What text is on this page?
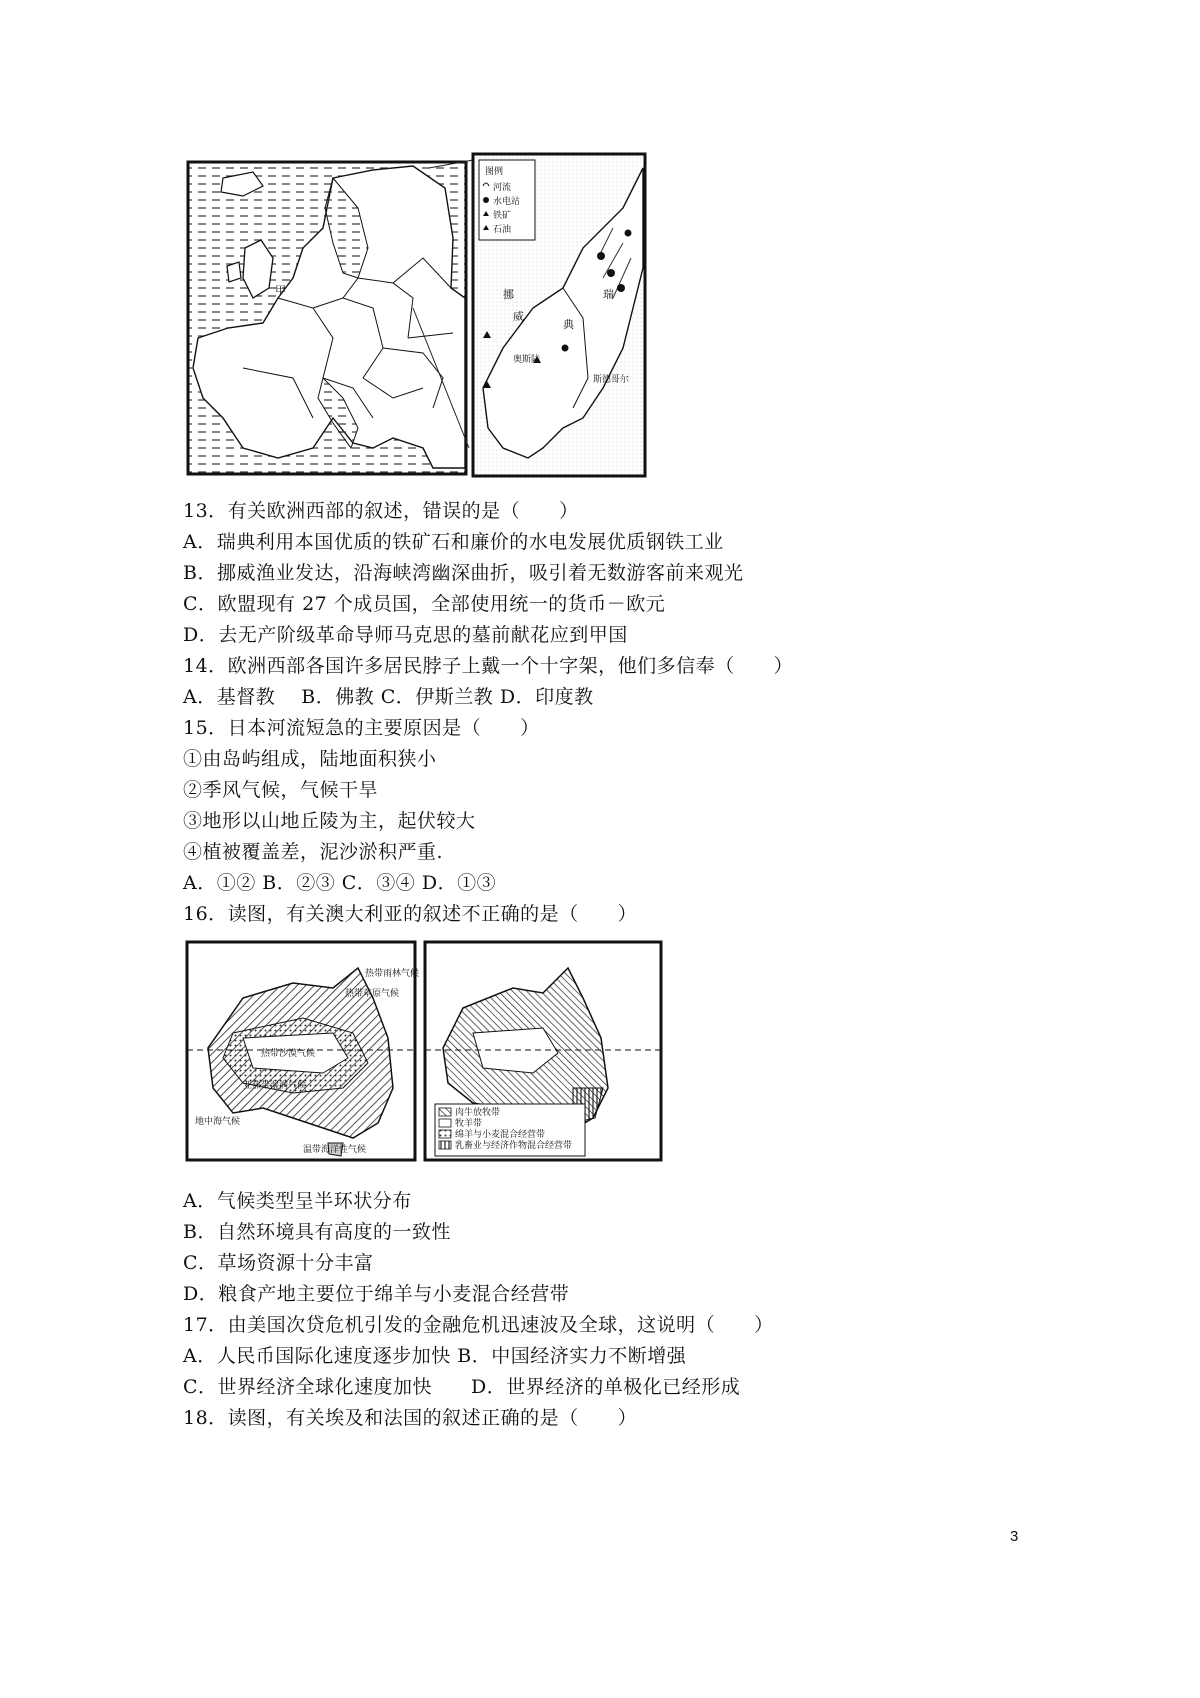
甲
图例
河流
水电站
铁矿
石油
挪
威
瑞
典
奥斯陆
斯德哥尔
13．有关欧洲西部的叙述，错误的是（　　）
A．瑞典利用本国优质的铁矿石和廉价的水电发展优质钢铁工业
B．挪威渔业发达，沿海峡湾幽深曲折，吸引着无数游客前来观光
C．欧盟现有 27 个成员国，全部使用统一的货币－欧元
D．去无产阶级革命导师马克思的墓前献花应到甲国
14．欧洲西部各国许多居民脖子上戴一个十字架，他们多信奉（　　）
A．基督教　 B．佛教 C．伊斯兰教 D．印度教
15．日本河流短急的主要原因是（　　）
①由岛屿组成，陆地面积狭小
②季风气候，气候干旱
③地形以山地丘陵为主，起伏较大
④植被覆盖差，泥沙淤积严重.
A．①② B．②③ C．③④ D．①③
16．读图，有关澳大利亚的叙述不正确的是（　　）
热带草原气候
热带沙漠气候
地中海气候
温带海洋性气候
热带雨林气候
亚热带湿润气候
肉牛放牧带
牧羊带
绵羊与小麦混合经营带
乳畜业与经济作物混合经营带
A．气候类型呈半环状分布
B．自然环境具有高度的一致性
C．草场资源十分丰富
D．粮食产地主要位于绵羊与小麦混合经营带
17．由美国次贷危机引发的金融危机迅速波及全球，这说明（　　）
A．人民币国际化速度逐步加快 B．中国经济实力不断增强
C．世界经济全球化速度加快　　D．世界经济的单极化已经形成
18．读图，有关埃及和法国的叙述正确的是（　　）
3
